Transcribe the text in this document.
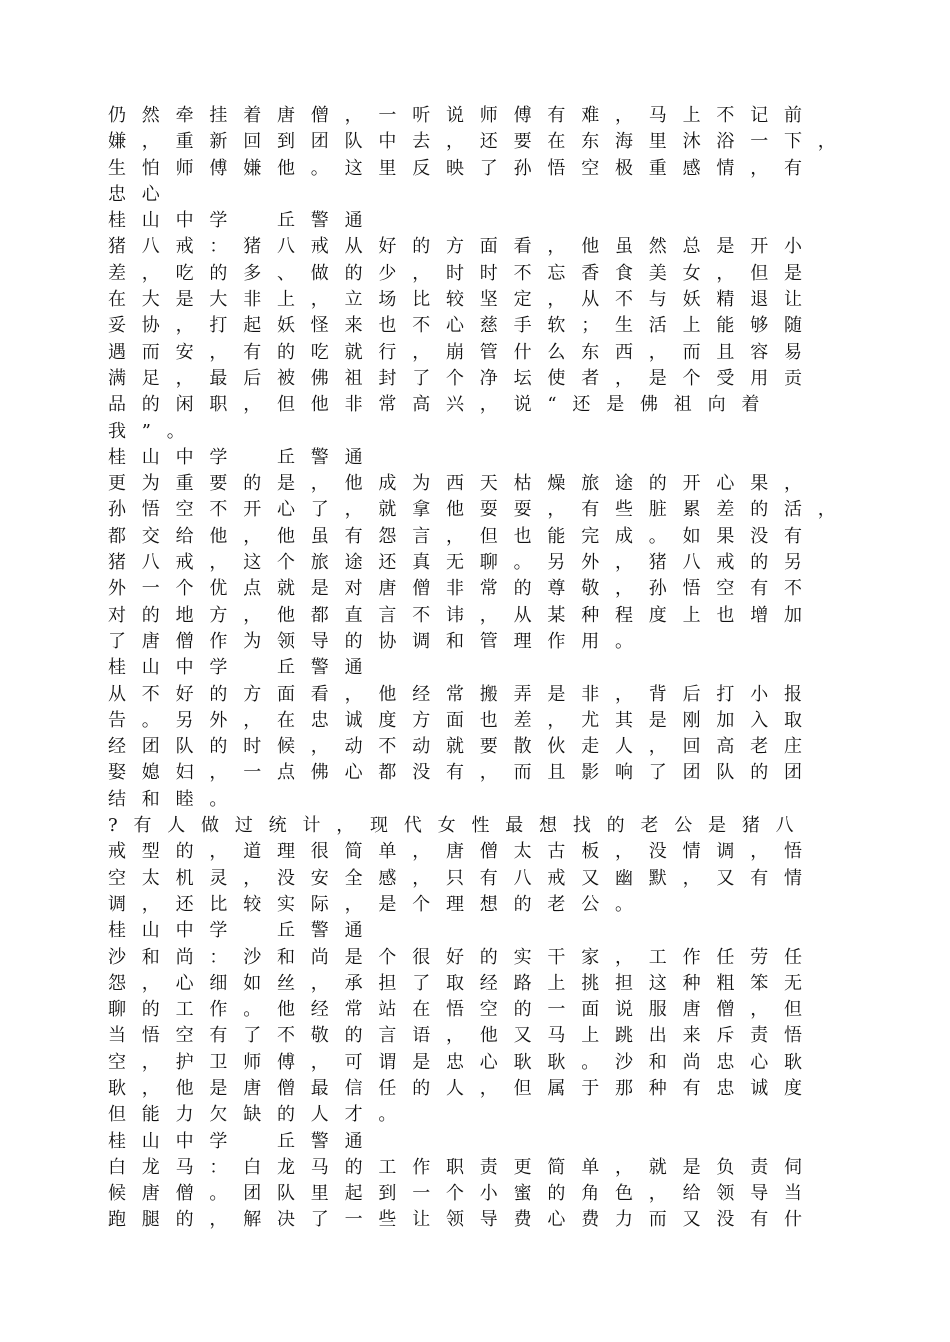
仍然牵挂着唐僧，一听说师傅有难，马上不记前
嫌，重新回到团队中去，还要在东海里沐浴一下，
生怕师傅嫌他。这里反映了孙悟空极重感情，有
忠心
桂山中学　丘警通
猪八戒：猪八戒从好的方面看，他虽然总是开小
差，吃的多、做的少，时时不忘香食美女，但是
在大是大非上，立场比较坚定，从不与妖精退让
妥协，打起妖怪来也不心慈手软；生活上能够随
遇而安，有的吃就行，崩管什么东西，而且容易
满足，最后被佛祖封了个净坛使者，是个受用贡
品的闲职，但他非常高兴，说“还是佛祖向着
我”。
桂山中学　丘警通
更为重要的是，他成为西天枯燥旅途的开心果，
孙悟空不开心了，就拿他耍耍，有些脏累差的活，
都交给他，他虽有怨言，但也能完成。如果没有
猪八戒，这个旅途还真无聊。另外，猪八戒的另
外一个优点就是对唐僧非常的尊敬，孙悟空有不
对的地方，他都直言不讳，从某种程度上也增加
了唐僧作为领导的协调和管理作用。
桂山中学　丘警通
从不好的方面看，他经常搬弄是非，背后打小报
告。另外，在忠诚度方面也差，尤其是刚加入取
经团队的时候，动不动就要散伙走人，回高老庄
娶媳妇，一点佛心都没有，而且影响了团队的团
结和睦。
?有人做过统计，现代女性最想找的老公是猪八
戒型的，道理很简单，唐僧太古板，没情调，悟
空太机灵，没安全感，只有八戒又幽默，又有情
调，还比较实际，是个理想的老公。
桂山中学　丘警通
沙和尚：沙和尚是个很好的实干家，工作任劳任
怨，心细如丝，承担了取经路上挑担这种粗笨无
聊的工作。他经常站在悟空的一面说服唐僧，但
当悟空有了不敬的言语，他又马上跳出来斥责悟
空，护卫师傅，可谓是忠心耿耿。沙和尚忠心耿
耿，他是唐僧最信任的人，但属于那种有忠诚度
但能力欠缺的人才。
桂山中学　丘警通
白龙马：白龙马的工作职责更简单，就是负责伺
候唐僧。团队里起到一个小蜜的角色，给领导当
跑腿的，解决了一些让领导费心费力而又没有什
